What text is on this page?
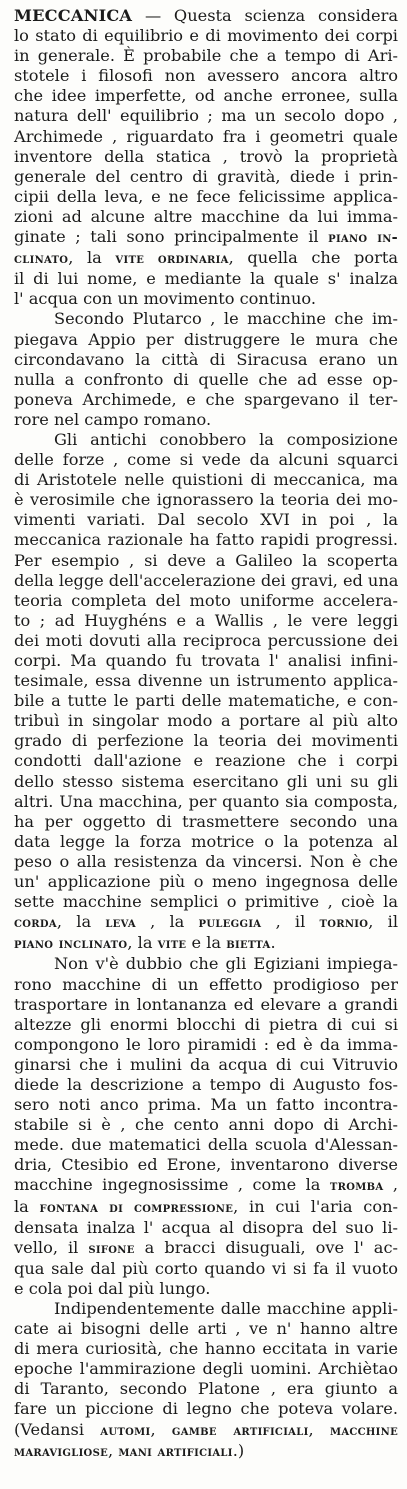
MECCANICA — Questa scienza considera
lo stato di equilibrio e di movimento dei corpi
in generale. È probabile che a tempo di Ari-
stotele i filosofi non avessero ancora altro
che idee imperfette, od anche erronee, sulla
natura dell' equilibrio ; ma un secolo dopo ,
Archimede , riguardato fra i geometri quale
inventore della statica , trovò la proprietà
generale del centro di gravità, diede i prin-
cipii della leva, e ne fece felicissime applica-
zioni ad alcune altre macchine da lui imma-
ginate ; tali sono principalmente il piano in-
clinato, la vite ordinaria, quella che porta
il di lui nome, e mediante la quale s' inalza
l' acqua con un movimento continuo.
Secondo Plutarco , le macchine che im-
piegava Appio per distruggere le mura che
circondavano la città di Siracusa erano un
nulla a confronto di quelle che ad esse op-
poneva Archimede, e che spargevano il ter-
rore nel campo romano.
Gli antichi conobbero la composizione
delle forze , come si vede da alcuni squarci
di Aristotele nelle quistioni di meccanica, ma
è verosimile che ignorassero la teoria dei mo-
vimenti variati. Dal secolo XVI in poi , la
meccanica razionale ha fatto rapidi progressi.
Per esempio , si deve a Galileo la scoperta
della legge dell'accelerazione dei gravi, ed una
teoria completa del moto uniforme accelera-
to ; ad Huyghéns e a Wallis , le vere leggi
dei moti dovuti alla reciproca percussione dei
corpi. Ma quando fu trovata l' analisi infini-
tesimale, essa divenne un istrumento applica-
bile a tutte le parti delle matematiche, e con-
tribuì in singolar modo a portare al più alto
grado di perfezione la teoria dei movimenti
condotti dall'azione e reazione che i corpi
dello stesso sistema esercitano gli uni su gli
altri. Una macchina, per quanto sia composta,
ha per oggetto di trasmettere secondo una
data legge la forza motrice o la potenza al
peso o alla resistenza da vincersi. Non è che
un' applicazione più o meno ingegnosa delle
sette macchine semplici o primitive , cioè la
corda, la leva , la puleggia , il tornio, il
piano inclinato, la vite e la bietta.
Non v'è dubbio che gli Egiziani impiega-
rono macchine di un effetto prodigioso per
trasportare in lontananza ed elevare a grandi
altezze gli enormi blocchi di pietra di cui si
compongono le loro piramidi : ed è da imma-
ginarsi che i mulini da acqua di cui Vitruvio
diede la descrizione a tempo di Augusto fos-
sero noti anco prima. Ma un fatto incontra-
stabile si è , che cento anni dopo di Archi-
mede. due matematici della scuola d'Alessan-
dria, Ctesibio ed Erone, inventarono diverse
macchine ingegnosissime , come la tromba ,
la fontana di compressione, in cui l'aria con-
densata inalza l' acqua al disopra del suo li-
vello, il sifone a bracci disuguali, ove l' ac-
qua sale dal più corto quando vi si fa il vuoto
e cola poi dal più lungo.
Indipendentemente dalle macchine appli-
cate ai bisogni delle arti , ve n' hanno altre
di mera curiosità, che hanno eccitata in varie
epoche l'ammirazione degli uomini. Archiètao
di Taranto, secondo Platone , era giunto a
fare un piccione di legno che poteva volare.
(Vedansi automi, gambe artificiali, macchine
maravigliose, mani artificiali.)
